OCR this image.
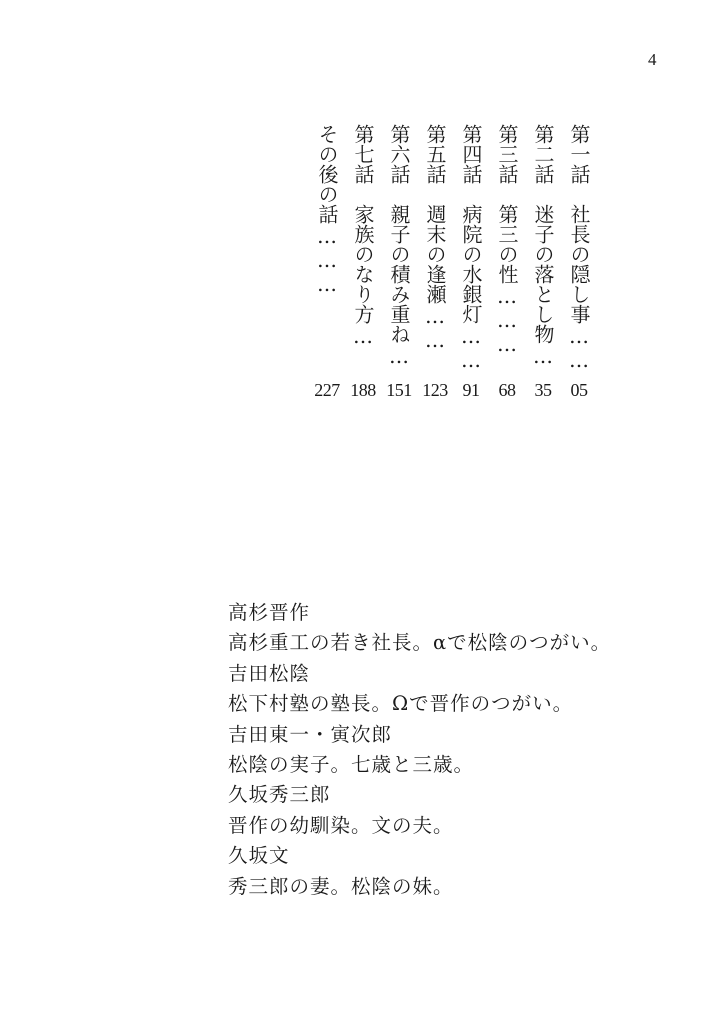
4
第一話　社長の隠し事……
05
第二話　迷子の落とし物…
35
第三話　第三の性………
68
第四話　病院の水銀灯……
91
第五話　週末の逢瀬……
123
第六話　親子の積み重ね…
151
第七話　家族のなり方…
188
その後の話………
227
高杉晋作
高杉重工の若き社長。αで松陰のつがい。
吉田松陰
松下村塾の塾長。Ωで晋作のつがい。
吉田東一・寅次郎
松陰の実子。七歳と三歳。
久坂秀三郎
晋作の幼馴染。文の夫。
久坂文
秀三郎の妻。松陰の妹。
